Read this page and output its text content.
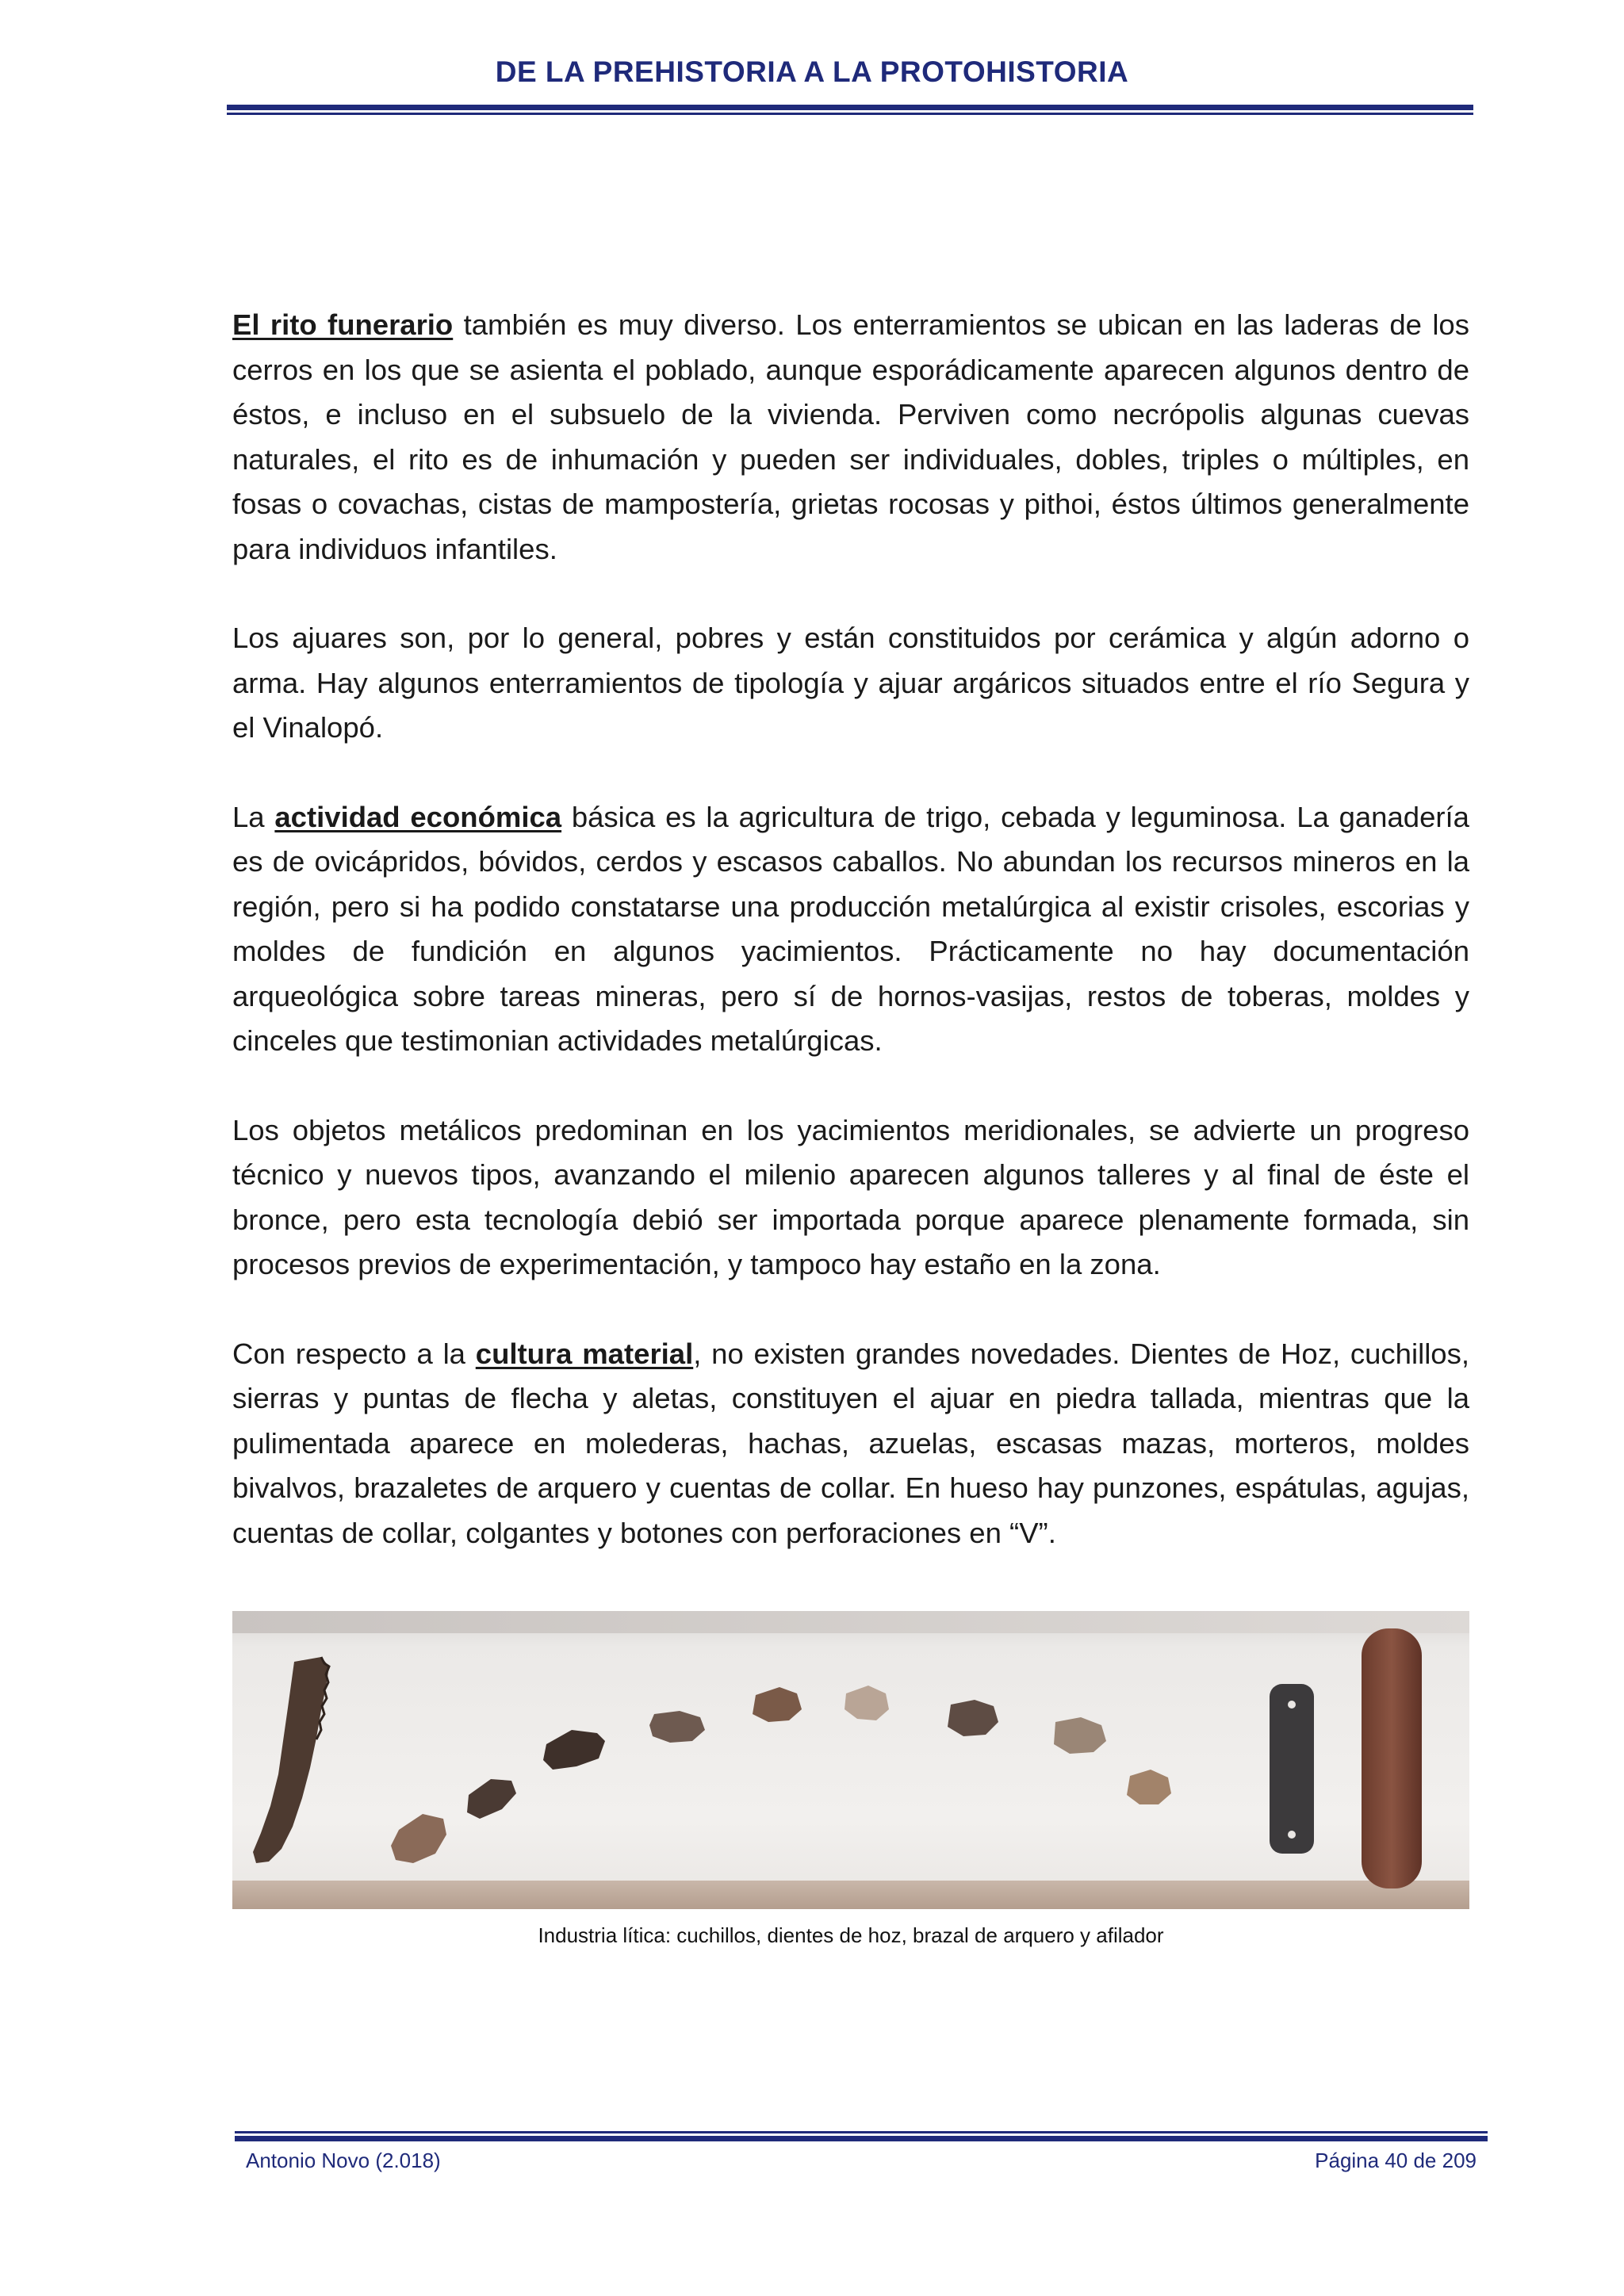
DE LA PREHISTORIA A LA PROTOHISTORIA

El rito funerario también es muy diverso. Los enterramientos se ubican en las laderas de los cerros en los que se asienta el poblado, aunque esporádicamente aparecen algunos dentro de éstos, e incluso en el subsuelo de la vivienda. Perviven como necrópolis algunas cuevas naturales, el rito es de inhumación y pueden ser individuales, dobles, triples o múltiples, en fosas o covachas, cistas de mampostería, grietas rocosas y pithoi, éstos últimos generalmente para individuos infantiles.

Los ajuares son, por lo general, pobres y están constituidos por cerámica y algún adorno o arma. Hay algunos enterramientos de tipología y ajuar argáricos situados entre el río Segura y el Vinalopó.

La actividad económica básica es la agricultura de trigo, cebada y leguminosa. La ganadería es de ovicápridos, bóvidos, cerdos y escasos caballos. No abundan los recursos mineros en la región, pero si ha podido constatarse una producción metalúrgica al existir crisoles, escorias y moldes de fundición en algunos yacimientos. Prácticamente no hay documentación arqueológica sobre tareas mineras, pero sí de hornos-vasijas, restos de toberas, moldes y cinceles que testimonian actividades metalúrgicas.

Los objetos metálicos predominan en los yacimientos meridionales, se advierte un progreso técnico y nuevos tipos, avanzando el milenio aparecen algunos talleres y al final de éste el bronce, pero esta tecnología debió ser importada porque aparece plenamente formada, sin procesos previos de experimentación, y tampoco hay estaño en la zona.

Con respecto a la cultura material, no existen grandes novedades. Dientes de Hoz, cuchillos, sierras y puntas de flecha y aletas, constituyen el ajuar en piedra tallada, mientras que la pulimentada aparece en molederas, hachas, azuelas, escasas mazas, morteros, moldes bivalvos, brazaletes de arquero y cuentas de collar. En hueso hay punzones, espátulas, agujas, cuentas de collar, colgantes y botones con perforaciones en “V”.

Industria lítica: cuchillos, dientes de hoz, brazal de arquero y afilador
Antonio Novo (2.018)	Página 40 de 209
